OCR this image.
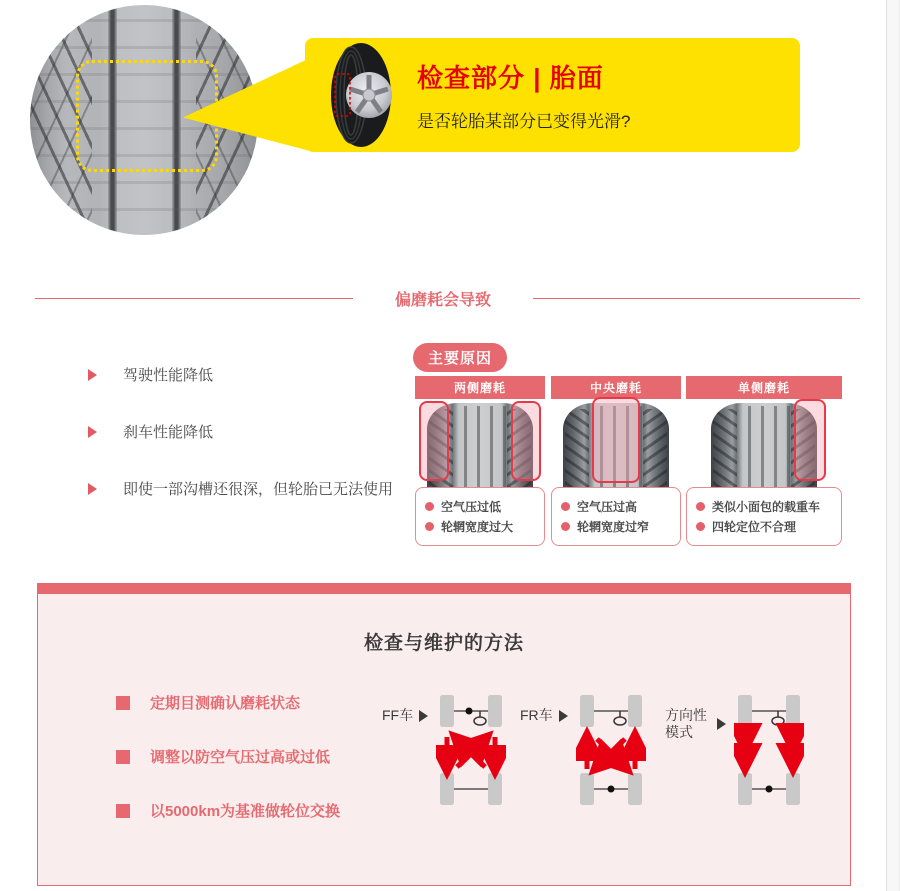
检查部分 | 胎面
是否轮胎某部分已变得光滑?
偏磨耗会导致
驾驶性能降低
刹车性能降低
即使一部沟槽还很深，但轮胎已无法使用
主要原因
两侧磨耗
空气压过低
轮辋宽度过大
中央磨耗
空气压过高
轮辋宽度过窄
单侧磨耗
类似小面包的载重车
四轮定位不合理
检查与维护的方法
定期目测确认磨耗状态
调整以防空气压过高或过低
以5000km为基准做轮位交换
FF车	FR车	方向性模式
